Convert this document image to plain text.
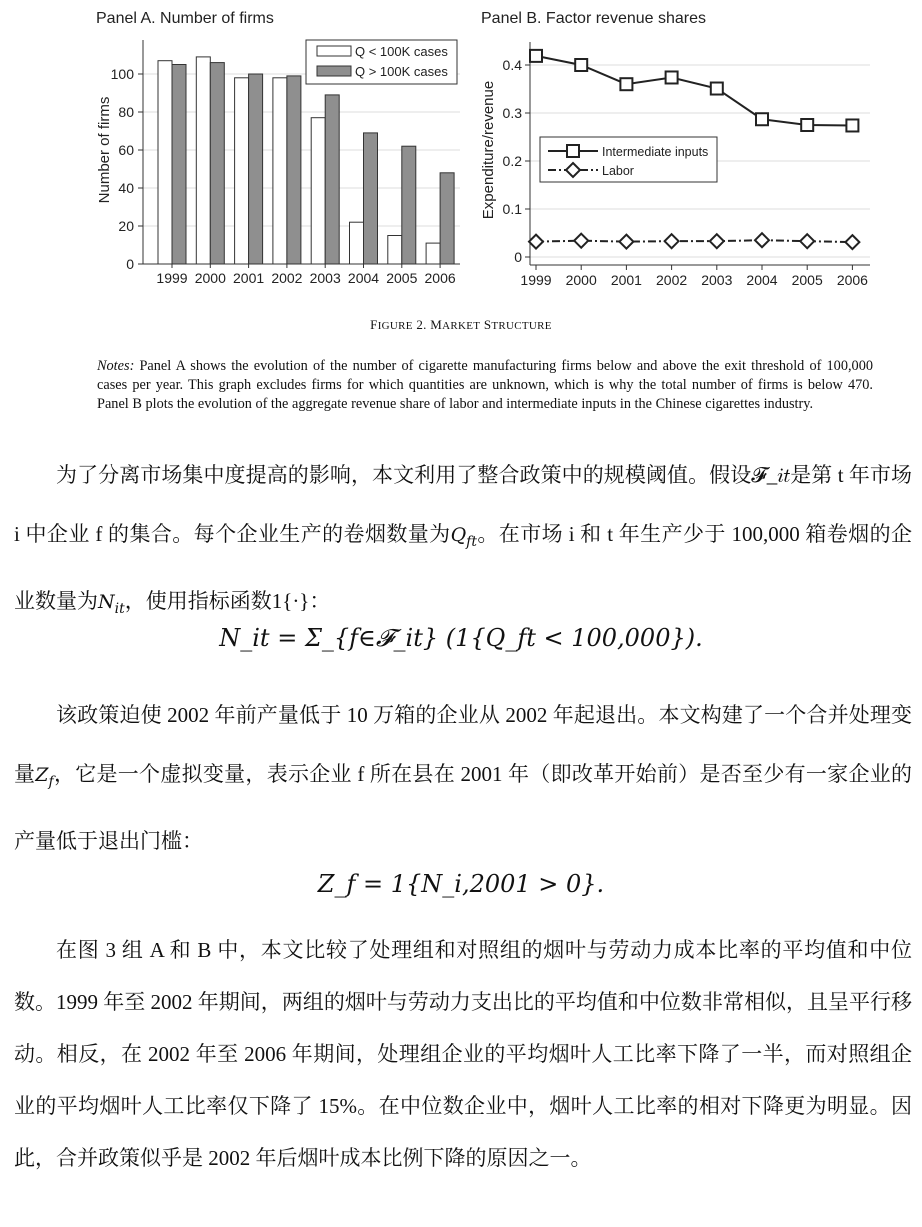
Panel A. Number of firms
0
20
40
60
80
100
Number of firms
1999 2000 2001 2002 2003 2004 2005 2006
Q < 100K cases
Q > 100K cases
Panel B. Factor revenue shares
0
0.1
0.2
0.3
0.4
Expenditure/revenue
1999 2000 2001 2002 2003 2004 2005 2006
Intermediate inputs
Labor
FIGURE 2. MARKET STRUCTURE
Notes: Panel A shows the evolution of the number of cigarette manufacturing firms below and above the exit threshold of 100,000 cases per year. This graph excludes firms for which quantities are unknown, which is why the total number of firms is below 470. Panel B plots the evolution of the aggregate revenue share of labor and intermediate inputs in the Chinese cigarettes industry.
为了分离市场集中度提高的影响，本文利用了整合政策中的规模阈值。假设𝓕_𝑖𝑡是第 t 年市场 i 中企业 f 的集合。每个企业生产的卷烟数量为$Q_{ft}$。在市场 i 和 t 年生产少于 100,000 箱卷烟的企业数量为$N_{it}$，使用指标函数1{·}：
N_it = Σ_{f∈𝓕_it} (1{Q_ft < 100,000}).
该政策迫使 2002 年前产量低于 10 万箱的企业从 2002 年起退出。本文构建了一个合并处理变量$Z_f$，它是一个虚拟变量，表示企业 f 所在县在 2001 年（即改革开始前）是否至少有一家企业的产量低于退出门槛：
Z_f = 1{N_i,2001 > 0}.
在图 3 组 A 和 B 中，本文比较了处理组和对照组的烟叶与劳动力成本比率的平均值和中位数。1999 年至 2002 年期间，两组的烟叶与劳动力支出比的平均值和中位数非常相似，且呈平行移动。相反，在 2002 年至 2006 年期间，处理组企业的平均烟叶人工比率下降了一半，而对照组企业的平均烟叶人工比率仅下降了 15%。在中位数企业中，烟叶人工比率的相对下降更为明显。因此，合并政策似乎是 2002 年后烟叶成本比例下降的原因之一。
